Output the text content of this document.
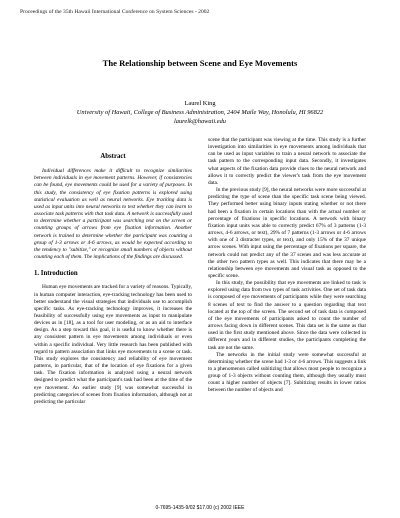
Proceedings of the 35th Hawaii International Conference on System Sciences - 2002
The Relationship between Scene and Eye Movements
Laurel King
University of Hawaii, College of Business Administration, 2404 Maile Way, Honolulu, HI 96822
laurelk@hawaii.edu
Abstract

Individual differences make it difficult to recognize similarities between individuals in eye movement patterns. However, if consistencies can be found, eye movements could be used for a variety of purposes. In this study, the consistency of eye fixation patterns is explored using statistical evaluation as well as neural networks. Eye tracking data is used as input units into neural networks to test whether they can learn to associate task patterns with that task data. A network is successfully used to determine whether a participant was searching text on the screen or counting groups of arrows from eye fixation information. Another network is trained to determine whether the participant was counting a group of 1-3 arrows or 4-6 arrows, as would be expected according to the tendency to "subitize," or recognize small numbers of objects without counting each of them. The implications of the findings are discussed.

1. Introduction

Human eye movements are tracked for a variety of reasons. Typically, in human computer interaction, eye-tracking technology has been used to better understand the visual strategies that individuals use to accomplish specific tasks. As eye-tracking technology improves, it increases the feasibility of successfully using eye movements as input to manipulate devices as in [18], as a tool for user modeling, or as an aid to interface design. As a step toward this goal, it is useful to know whether there is any consistent pattern in eye movements among individuals or even within a specific individual. Very little research has been published with regard to pattern association that links eye movements to a scene or task. This study explores the consistency and reliability of eye movement patterns, in particular, that of the location of eye fixations for a given task. The fixation information is analyzed using a neural network designed to predict what the participant's task had been at the time of the eye movement. An earlier study [9] was somewhat successful in predicting categories of scenes from fixation information, although not at predicting the particular

scene that the participant was viewing at the time. This study is a further investigation into similarities in eye movements among individuals that can be used as input variables to train a neural network to associate the task pattern to the corresponding input data. Secondly, it investigates what aspects of the fixation data provide clues to the neural network and allows it to correctly predict the viewer's task from the eye movement data.

In the previous study [9], the neural networks were more successful at predicting the type of scene than the specific task scene being viewed. They performed better using binary inputs stating whether or not there had been a fixation in certain locations than with the actual number or percentage of fixations in specific locations. A network with binary fixation input units was able to correctly predict 67% of 3 patterns (1-3 arrows, 4-6 arrows, or text), 29% of 7 patterns (1-3 arrows or 4-6 arrows with one of 3 distracter types, or text), and only 15% of the 37 unique arrow scenes. With input using the percentage of fixations per square, the network could not predict any of the 37 scenes and was less accurate at the other two pattern types as well. This indicates that there may be a relationship between eye movements and visual task as opposed to the specific scene.

In this study, the possibility that eye movements are linked to task is explored using data from two types of task activities. One set of task data is composed of eye movements of participants while they were searching 8 scenes of text to find the answer to a question regarding that text located at the top of the screen. The second set of task data is composed of the eye movements of participants asked to count the number of arrows facing down in different scenes. This data set is the same as that used in the first study mentioned above. Since the data were collected in different years and in different studies, the participants completing the task are not the same.

The networks in the initial study were somewhat successful at determining whether the scene had 1-3 or 4-6 arrows. This suggests a link to a phenomenon called subitizing that allows most people to recognize a group of 1-3 objects without counting them, although they usually must count a higher number of objects [7]. Subitizing results in lower ratios between the number of objects and

0-7695-1435-9/02 $17.00 (c) 2002 IEEE
